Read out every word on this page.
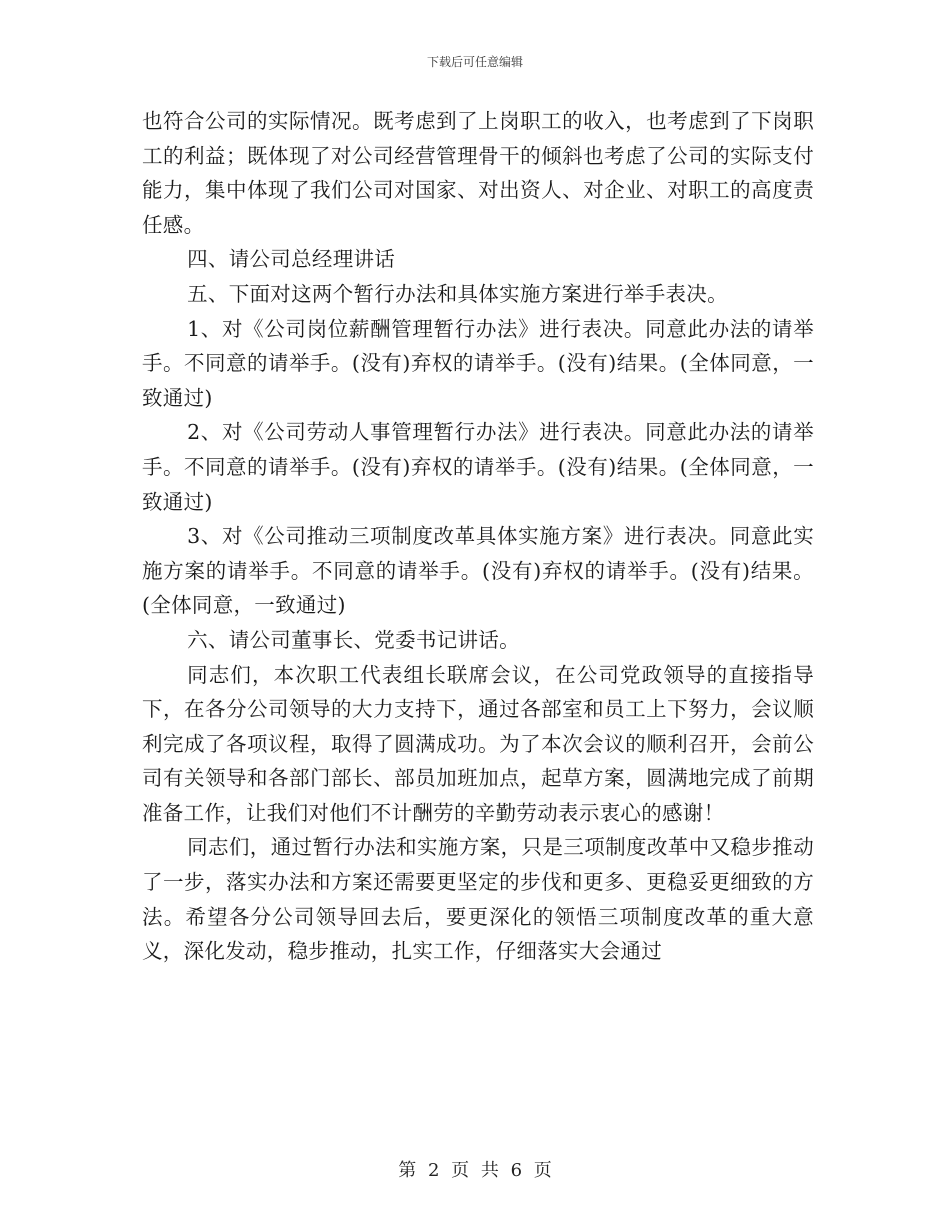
下载后可任意编辑

也符合公司的实际情况。既考虑到了上岗职工的收入，也考虑到了下岗职工的利益；既体现了对公司经营管理骨干的倾斜也考虑了公司的实际支付能力，集中体现了我们公司对国家、对出资人、对企业、对职工的高度责任感。

四、请公司总经理讲话

五、下面对这两个暂行办法和具体实施方案进行举手表决。

1、对《公司岗位薪酬管理暂行办法》进行表决。同意此办法的请举手。不同意的请举手。(没有)弃权的请举手。(没有)结果。(全体同意，一致通过)

2、对《公司劳动人事管理暂行办法》进行表决。同意此办法的请举手。不同意的请举手。(没有)弃权的请举手。(没有)结果。(全体同意，一致通过)

3、对《公司推动三项制度改革具体实施方案》进行表决。同意此实施方案的请举手。不同意的请举手。(没有)弃权的请举手。(没有)结果。(全体同意，一致通过)

六、请公司董事长、党委书记讲话。

同志们，本次职工代表组长联席会议，在公司党政领导的直接指导下，在各分公司领导的大力支持下，通过各部室和员工上下努力，会议顺利完成了各项议程，取得了圆满成功。为了本次会议的顺利召开，会前公司有关领导和各部门部长、部员加班加点，起草方案，圆满地完成了前期准备工作，让我们对他们不计酬劳的辛勤劳动表示衷心的感谢！

同志们，通过暂行办法和实施方案，只是三项制度改革中又稳步推动了一步，落实办法和方案还需要更坚定的步伐和更多、更稳妥更细致的方法。希望各分公司领导回去后，要更深化的领悟三项制度改革的重大意义，深化发动，稳步推动，扎实工作，仔细落实大会通过

第 2 页 共 6 页
